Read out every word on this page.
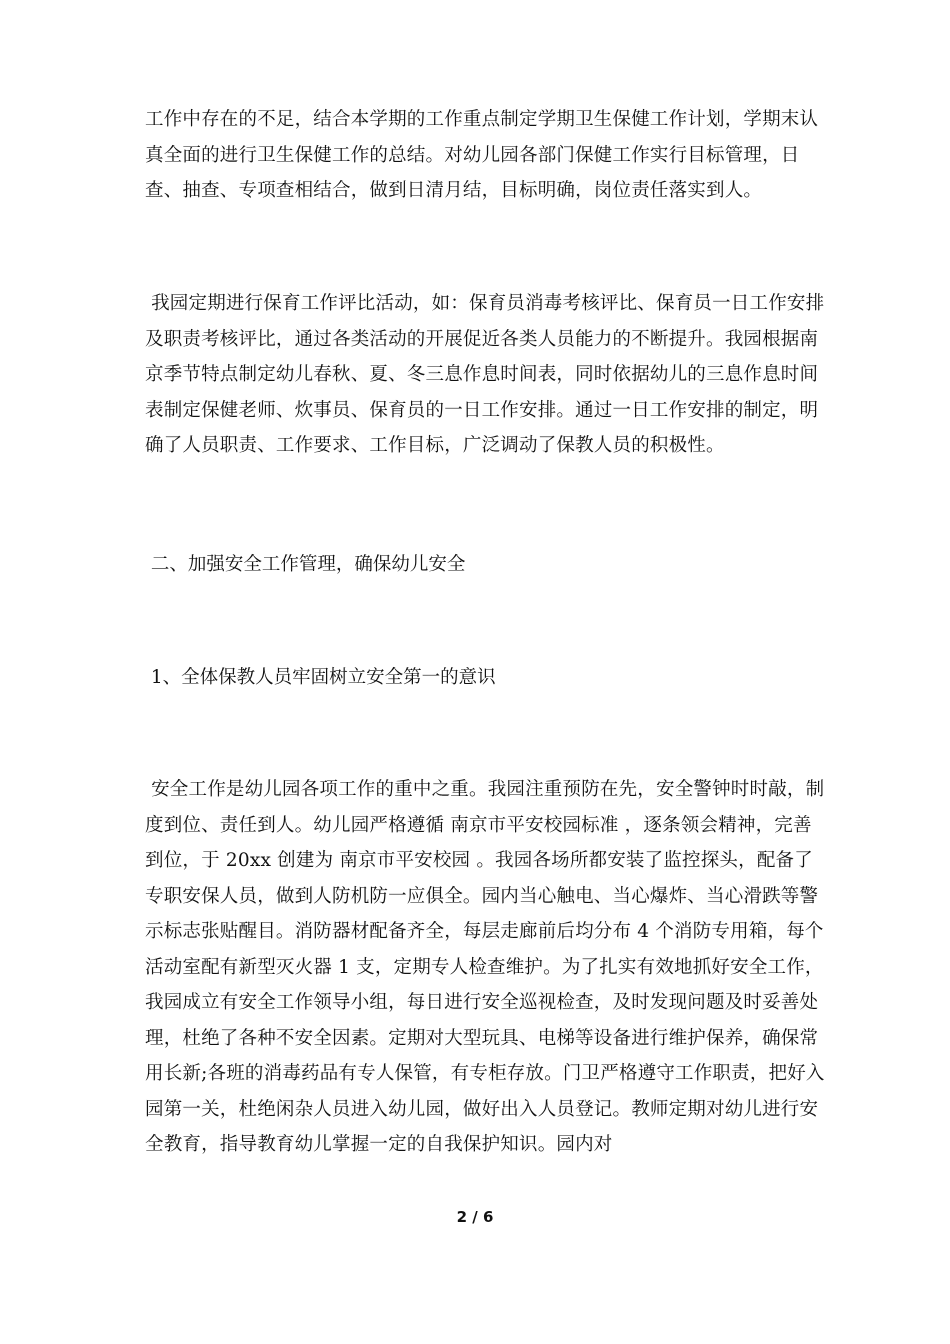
工作中存在的不足，结合本学期的工作重点制定学期卫生保健工作计划，学期末认真全面的进行卫生保健工作的总结。对幼儿园各部门保健工作实行目标管理，日查、抽查、专项查相结合，做到日清月结，目标明确，岗位责任落实到人。

我园定期进行保育工作评比活动，如：保育员消毒考核评比、保育员一日工作安排及职责考核评比，通过各类活动的开展促近各类人员能力的不断提升。我园根据南京季节特点制定幼儿春秋、夏、冬三息作息时间表，同时依据幼儿的三息作息时间表制定保健老师、炊事员、保育员的一日工作安排。通过一日工作安排的制定，明确了人员职责、工作要求、工作目标，广泛调动了保教人员的积极性。

二、加强安全工作管理，确保幼儿安全

1、全体保教人员牢固树立安全第一的意识

安全工作是幼儿园各项工作的重中之重。我园注重预防在先，安全警钟时时敲，制度到位、责任到人。幼儿园严格遵循 南京市平安校园标准 ，逐条领会精神，完善到位，于 20xx 创建为 南京市平安校园 。我园各场所都安装了监控探头，配备了专职安保人员，做到人防机防一应俱全。园内当心触电、当心爆炸、当心滑跌等警示标志张贴醒目。消防器材配备齐全，每层走廊前后均分布 4 个消防专用箱，每个活动室配有新型灭火器 1 支，定期专人检查维护。为了扎实有效地抓好安全工作，我园成立有安全工作领导小组，每日进行安全巡视检查，及时发现问题及时妥善处理，杜绝了各种不安全因素。定期对大型玩具、电梯等设备进行维护保养，确保常用长新;各班的消毒药品有专人保管，有专柜存放。门卫严格遵守工作职责，把好入园第一关，杜绝闲杂人员进入幼儿园，做好出入人员登记。教师定期对幼儿进行安全教育，指导教育幼儿掌握一定的自我保护知识。园内对

2 / 6
